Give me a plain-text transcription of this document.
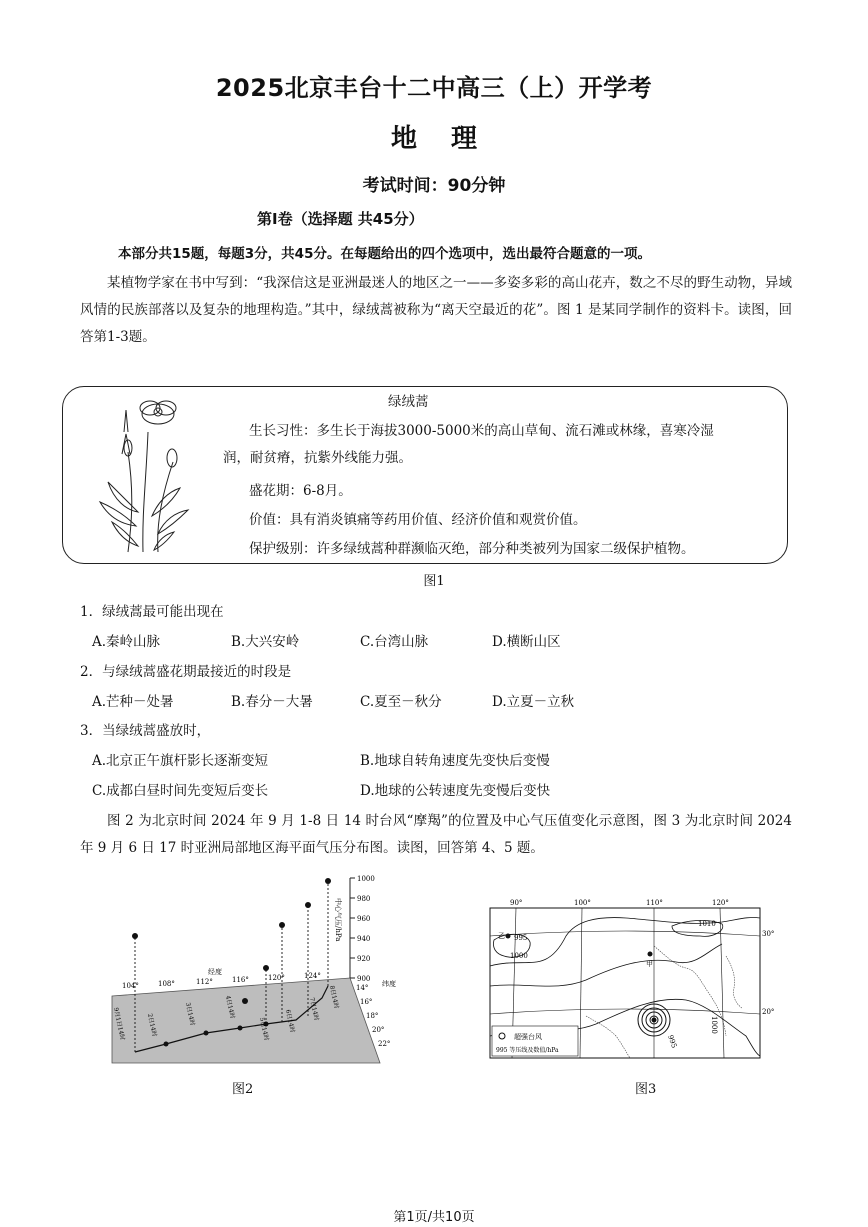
2025北京丰台十二中高三（上）开学考
地理
考试时间：90分钟
第I卷（选择题 共45分）
本部分共15题，每题3分，共45分。在每题给出的四个选项中，选出最符合题意的一项。
某植物学家在书中写到：“我深信这是亚洲最迷人的地区之一——多姿多彩的高山花卉，数之不尽的野生动物，异域风情的民族部落以及复杂的地理构造。”其中，绿绒蒿被称为“离天空最近的花”。图 1 是某同学制作的资料卡。读图，回答第1-3题。
绿绒蒿
生长习性：多生长于海拔3000-5000米的高山草甸、流石滩或林缘，喜寒冷湿
润，耐贫瘠，抗紫外线能力强。
盛花期：6-8月。
价值：具有消炎镇痛等药用价值、经济价值和观赏价值。
保护级别：许多绿绒蒿种群濒临灭绝，部分种类被列为国家二级保护植物。
图1
1．绿绒蒿最可能出现在
A.秦岭山脉	B.大兴安岭	C.台湾山脉	D.横断山区
2．与绿绒蒿盛花期最接近的时段是
A.芒种－处暑	B.春分－大暑	C.夏至－秋分	D.立夏－立秋
3．当绿绒蒿盛放时，
A.北京正午旗杆影长逐渐变短	B.地球自转角速度先变快后变慢
C.成都白昼时间先变短后变长	D.地球的公转速度先变慢后变快
图 2 为北京时间 2024 年 9 月 1-8 日 14 时台风“摩羯”的位置及中心气压值变化示意图，图 3 为北京时间 2024 年 9 月 6 日 17 时亚洲局部地区海平面气压分布图。读图，回答第 4、5 题。
1000
980
960
940
920
900
中心气压/hPa
经度
104°	108°	112°	116°	120°	124°
纬度
14°
16°
18°
20°
22°
9月1日14时	2日14时	3日14时	4日14时
5日14时 6日14时 7日14时 8日14时
图2
90°	100°	110°	120°
30°
20°
乙
甲
1010
995
1000
995
1000
超强台风
995 等压线及数值/hPa
图3
第1页/共10页
